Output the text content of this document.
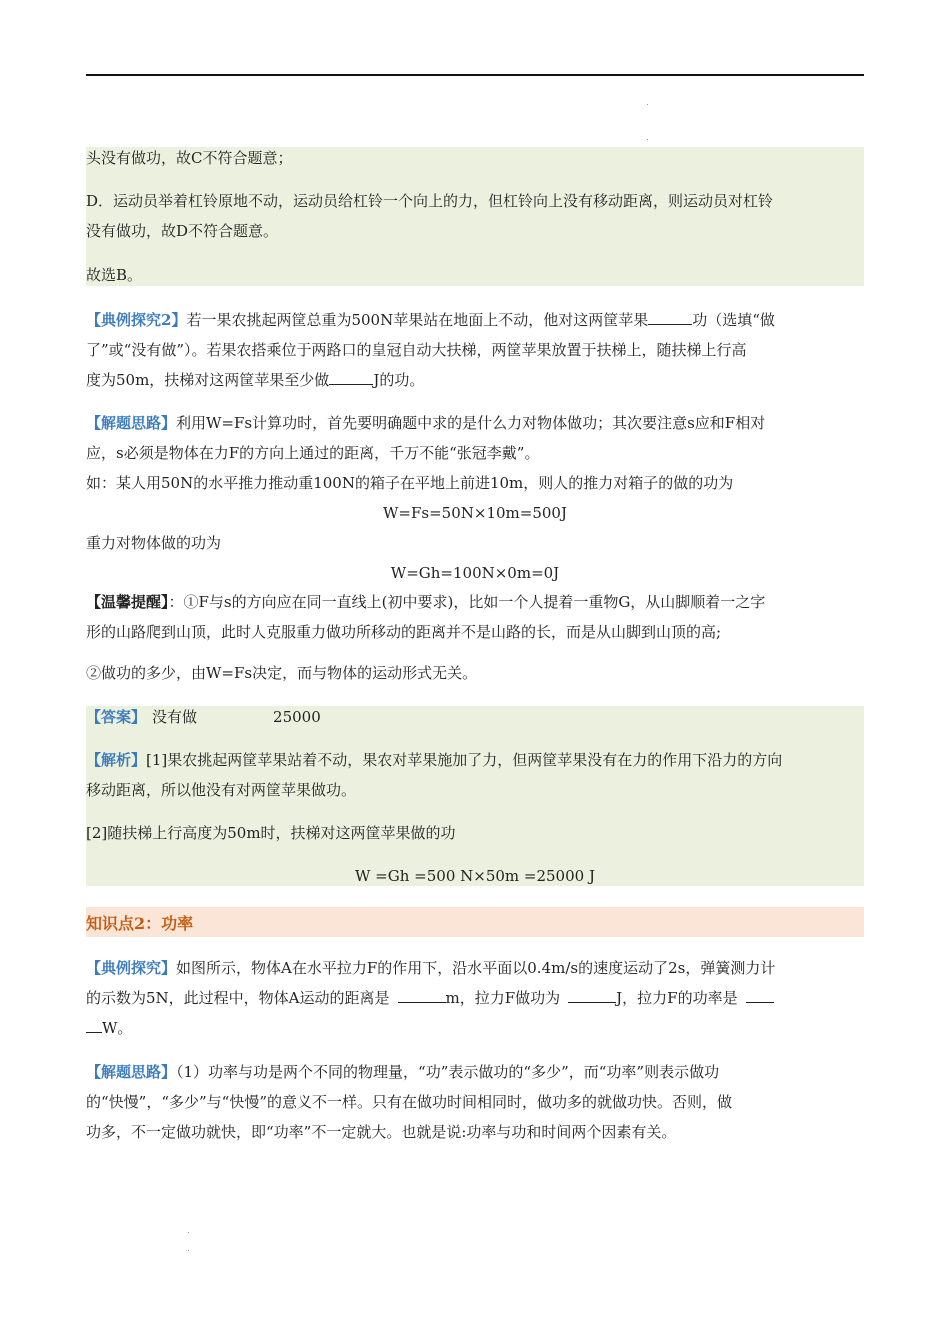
头没有做功，故C不符合题意；
D．运动员举着杠铃原地不动，运动员给杠铃一个向上的力，但杠铃向上没有移动距离，则运动员对杠铃
没有做功，故D不符合题意。
故选B。
【典例探究2】若一果农挑起两筐总重为500N苹果站在地面上不动，他对这两筐苹果	功（选填“做
了”或“没有做”）。若果农搭乘位于两路口的皇冠自动大扶梯，两筐苹果放置于扶梯上，随扶梯上行高
度为50m，扶梯对这两筐苹果至少做	J的功。
【解题思路】利用W=Fs计算功时，首先要明确题中求的是什么力对物体做功；其次要注意s应和F相对
应，s必须是物体在力F的方向上通过的距离，千万不能“张冠李戴”。
如：某人用50N的水平推力推动重100N的箱子在平地上前进10m，则人的推力对箱子的做的功为
W=Fs=50N×10m=500J
重力对物体做的功为
W=Gh=100N×0m=0J
【温馨提醒】：①F与s的方向应在同一直线上(初中要求)，比如一个人提着一重物G，从山脚顺着一之字
形的山路爬到山顶，此时人克服重力做功所移动的距离并不是山路的长，而是从山脚到山顶的高;
②做功的多少，由W=Fs决定，而与物体的运动形式无关。
【答案】 没有做	25000
【解析】[1]果农挑起两筐苹果站着不动，果农对苹果施加了力，但两筐苹果没有在力的作用下沿力的方向
移动距离，所以他没有对两筐苹果做功。
[2]随扶梯上行高度为50m时，扶梯对这两筐苹果做的功
W =Gh =500 N×50m =25000 J
知识点2：功率
【典例探究】如图所示，物体A在水平拉力F的作用下，沿水平面以0.4m/s的速度运动了2s，弹簧测力计
的示数为5N，此过程中，物体A运动的距离是	m，拉力F做功为	J，拉力F的功率是
W。
【解题思路】（1）功率与功是两个不同的物理量，“功”表示做功的“多少”，而“功率”则表示做功
的“快慢”，“多少”与“快慢”的意义不一样。只有在做功时间相同时，做功多的就做功快。否则，做
功多，不一定做功就快，即“功率”不一定就大。也就是说:功率与功和时间两个因素有关。
